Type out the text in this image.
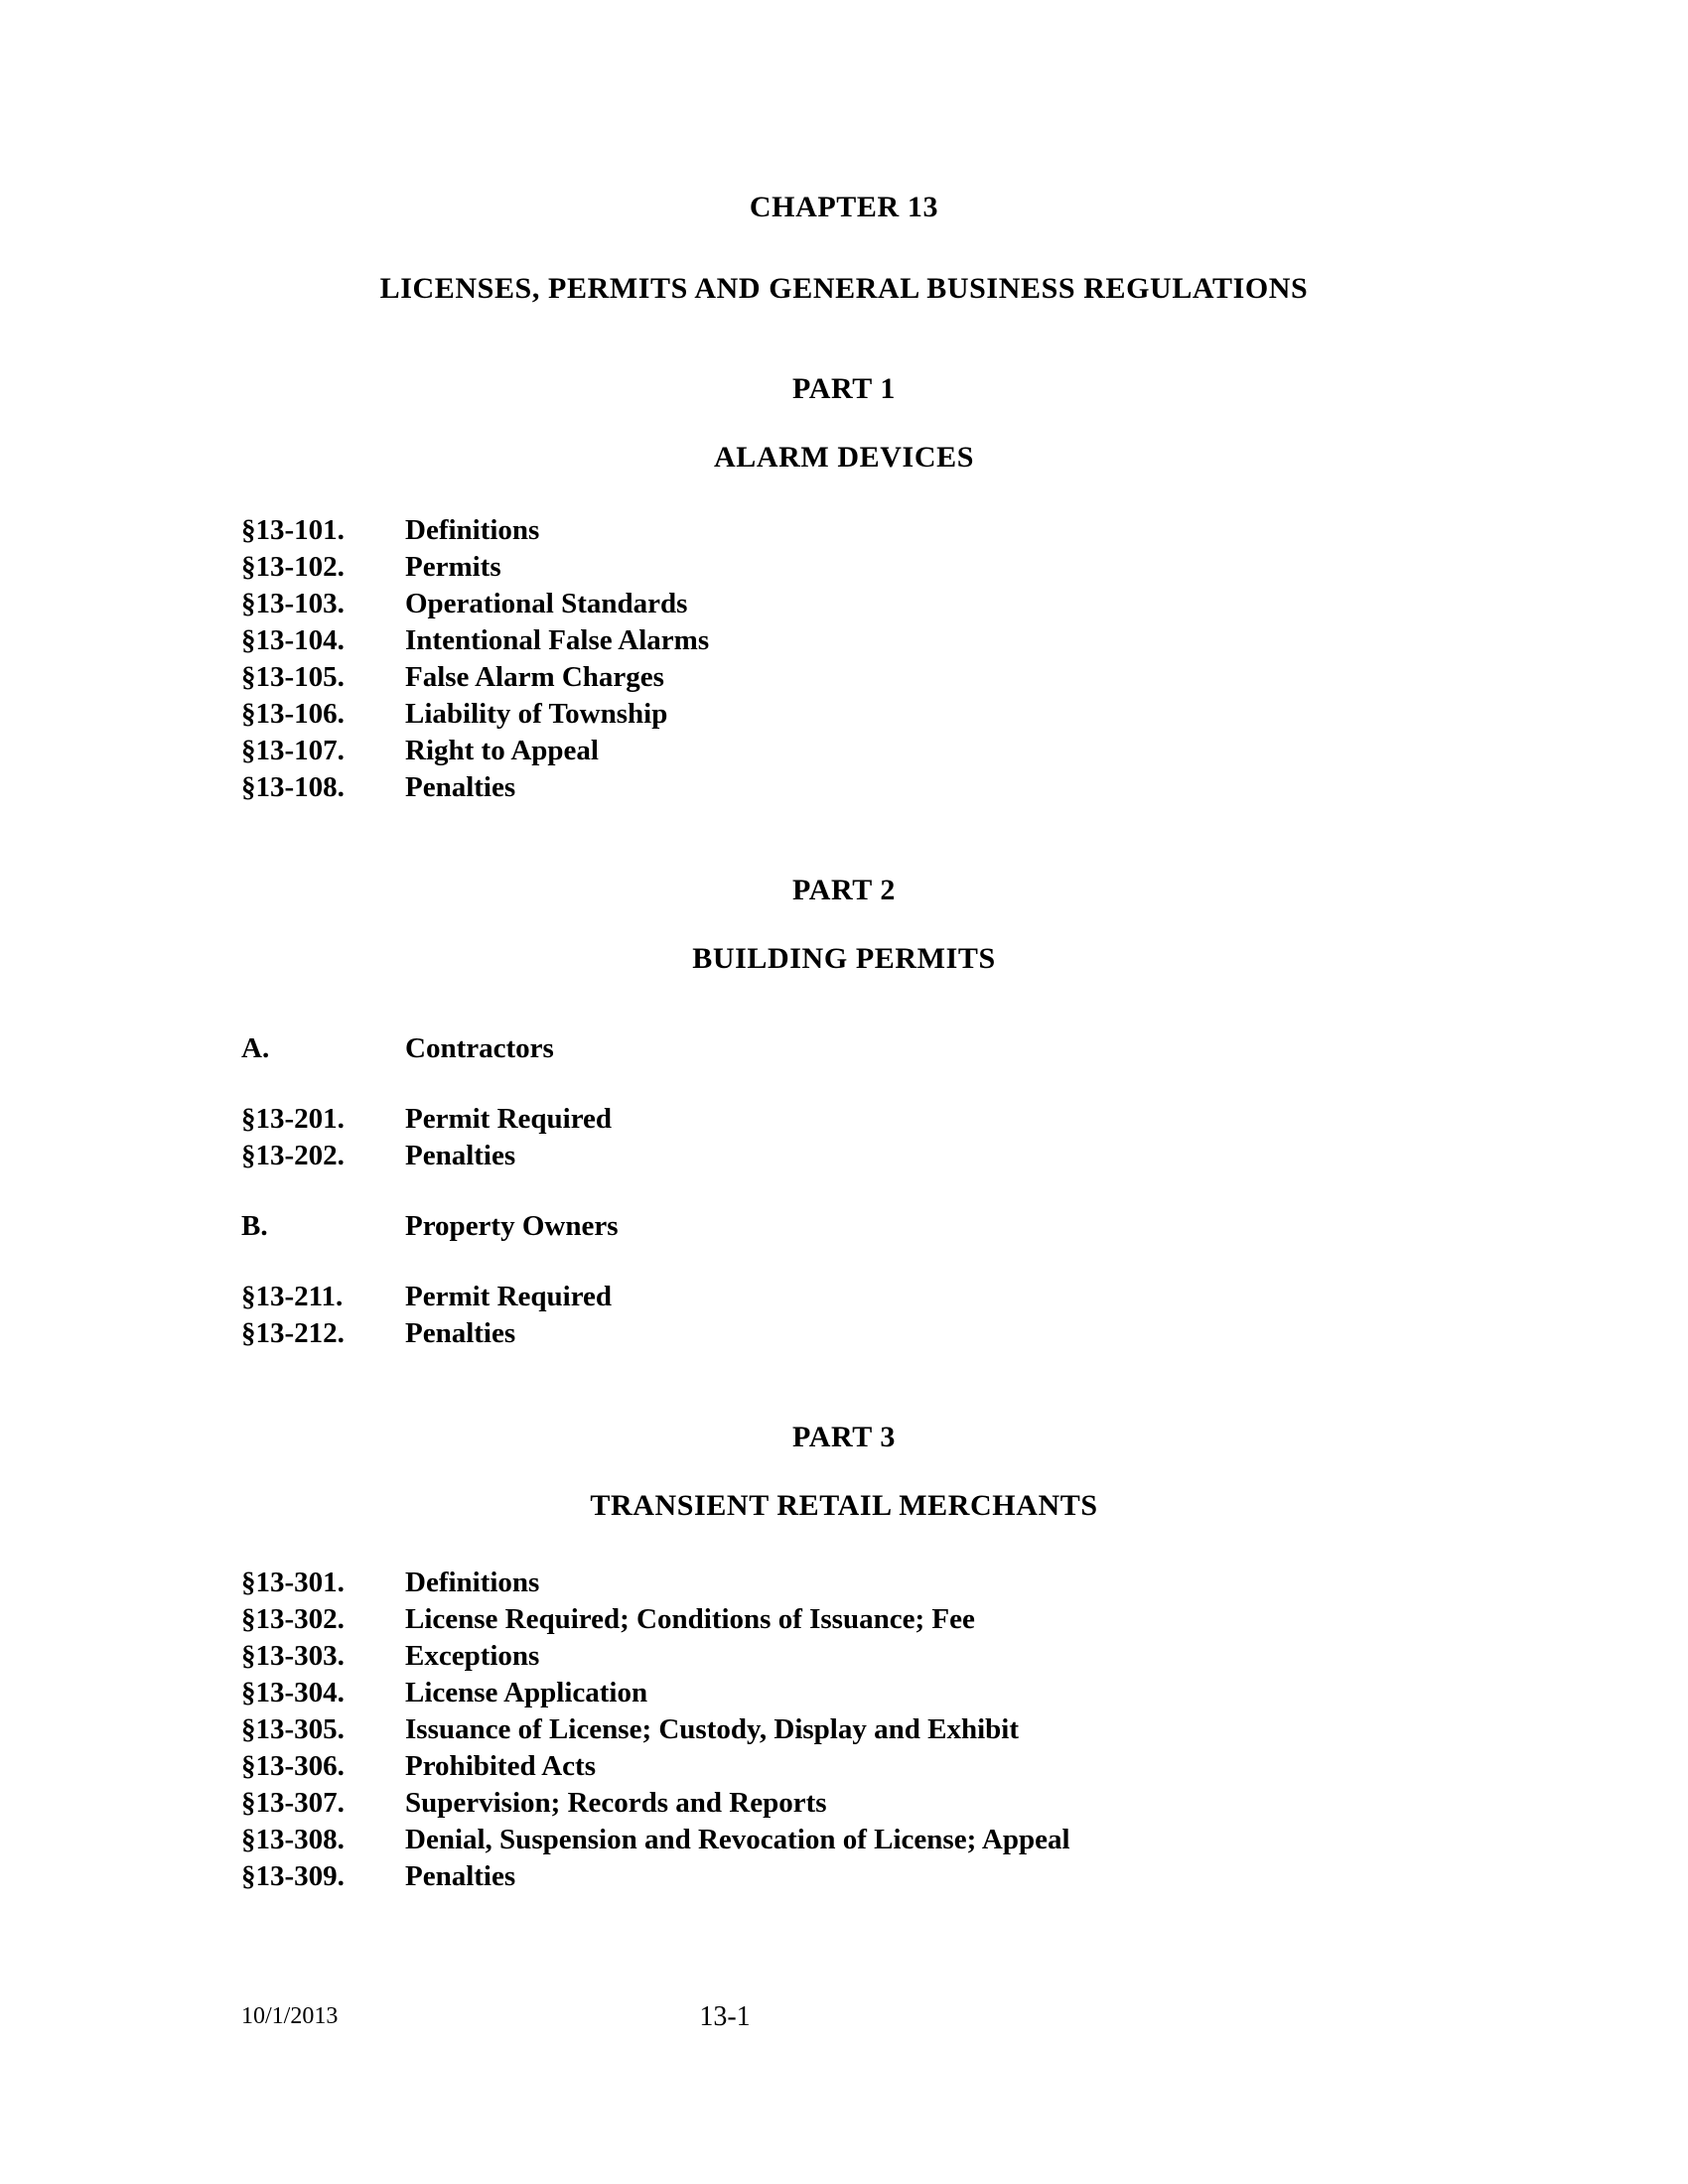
CHAPTER 13
LICENSES, PERMITS AND GENERAL BUSINESS REGULATIONS
PART 1
ALARM DEVICES
§13-101.	Definitions
§13-102.	Permits
§13-103.	Operational Standards
§13-104.	Intentional False Alarms
§13-105.	False Alarm Charges
§13-106.	Liability of Township
§13-107.	Right to Appeal
§13-108.	Penalties
PART 2
BUILDING PERMITS
A.	Contractors
§13-201.	Permit Required
§13-202.	Penalties
B.	Property Owners
§13-211.	Permit Required
§13-212.	Penalties
PART 3
TRANSIENT RETAIL MERCHANTS
§13-301.	Definitions
§13-302.	License Required; Conditions of Issuance; Fee
§13-303.	Exceptions
§13-304.	License Application
§13-305.	Issuance of License; Custody, Display and Exhibit
§13-306.	Prohibited Acts
§13-307.	Supervision; Records and Reports
§13-308.	Denial, Suspension and Revocation of License; Appeal
§13-309.	Penalties
10/1/2013	13-1
